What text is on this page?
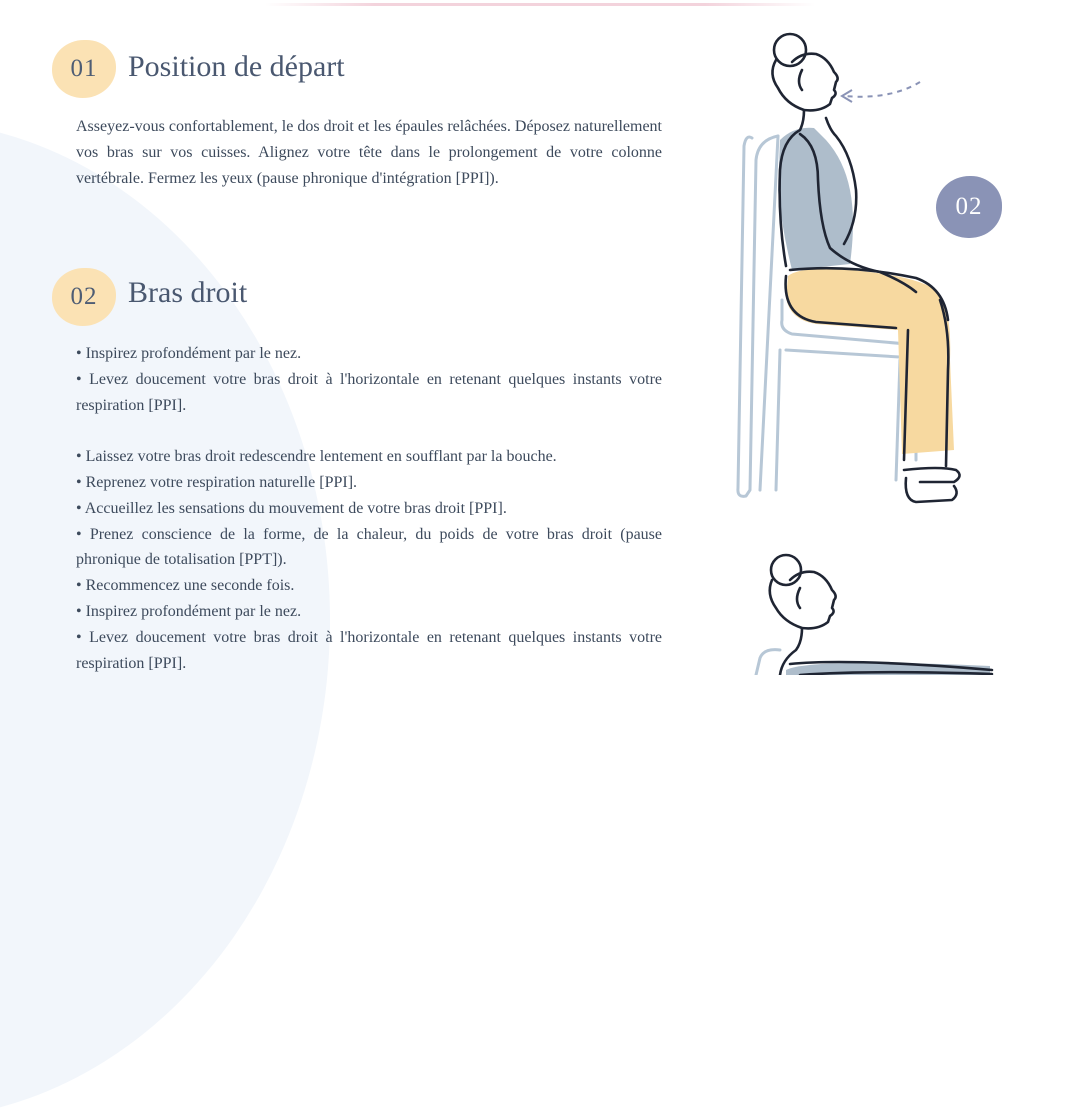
01	Position de départ

Asseyez-vous confortablement, le dos droit et les épaules relâchées. Déposez naturellement vos bras sur vos cuisses. Alignez votre tête dans le prolongement de votre colonne vertébrale. Fermez les yeux (pause phronique d'intégration [PPI]).

02	Bras droit

• Inspirez profondément par le nez.

• Levez doucement votre bras droit à l'horizontale en retenant quelques instants votre respiration [PPI].

• Laissez votre bras droit redescendre lentement en soufflant par la bouche.

• Reprenez votre respiration naturelle [PPI].

• Accueillez les sensations du mouvement de votre bras droit [PPI].

• Prenez conscience de la forme, de la chaleur, du poids de votre bras droit (pause phronique de totalisation [PPT]).

• Recommencez une seconde fois.

• Inspirez profondément par le nez.

• Levez doucement votre bras droit à l'horizontale en retenant quelques instants votre respiration [PPI].

02
